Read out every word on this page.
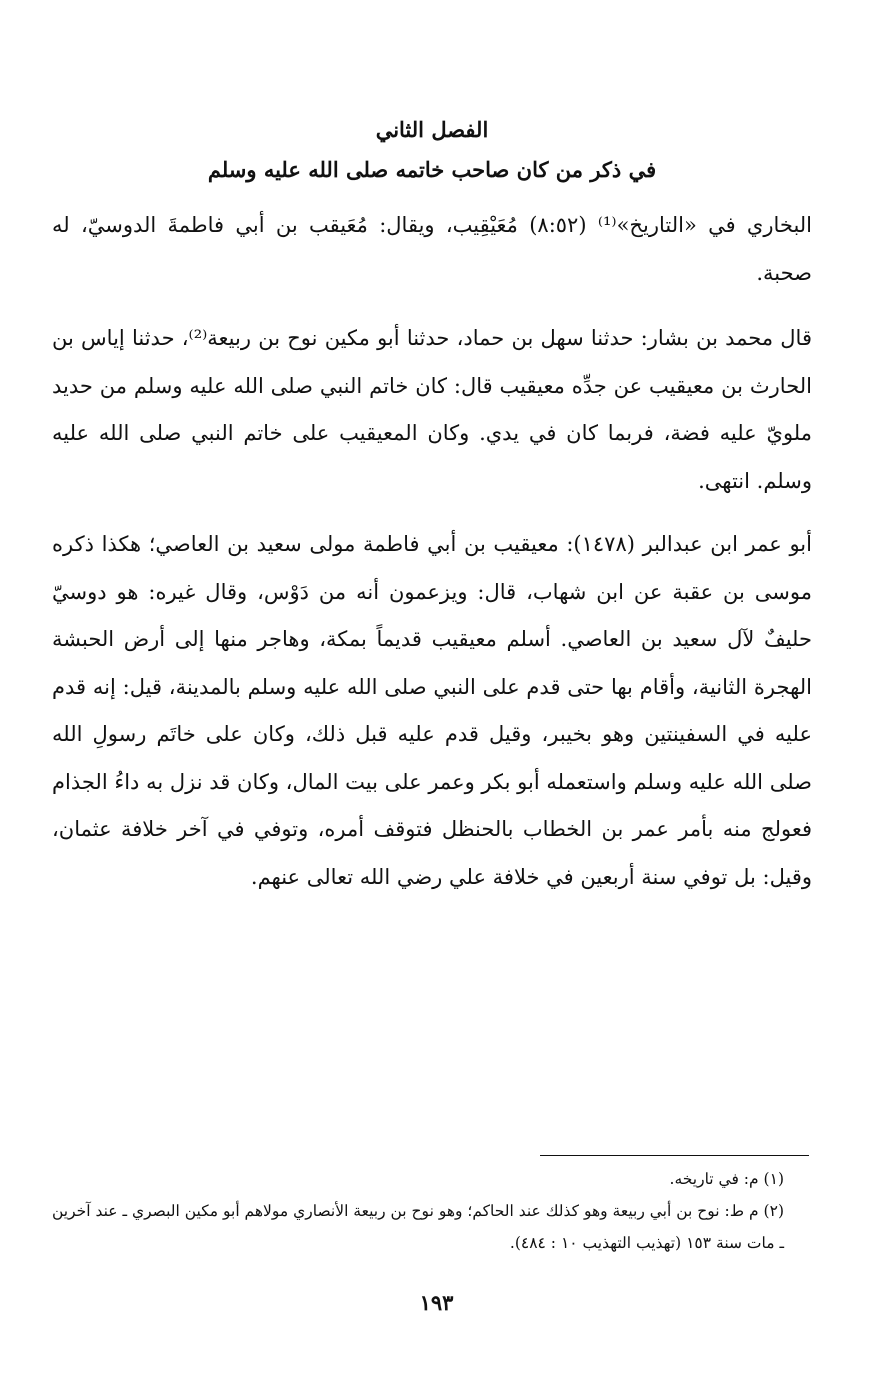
الفصل الثاني

في ذكر من كان صاحب خاتمه صلى الله عليه وسلم

البخاري في «التاريخ»⁽¹⁾ (٨:٥٢) مُعَيْقِيب، ويقال: مُعَيقب بن أبي فاطمةَ الدوسيّ، له صحبة.

قال محمد بن بشار: حدثنا سهل بن حماد، حدثنا أبو مكين نوح بن ربيعة⁽²⁾، حدثنا إياس بن الحارث بن معيقيب عن جدِّه معيقيب قال: كان خاتم النبي صلى الله عليه وسلم من حديد ملويّ عليه فضة، فربما كان في يدي. وكان المعيقيب على خاتم النبي صلى الله عليه وسلم. انتهى.

أبو عمر ابن عبدالبر (١٤٧٨): معيقيب بن أبي فاطمة مولى سعيد بن العاصي؛ هكذا ذكره موسى بن عقبة عن ابن شهاب، قال: ويزعمون أنه من دَوْس، وقال غيره: هو دوسيّ حليفٌ لآل سعيد بن العاصي. أسلم معيقيب قديماً بمكة، وهاجر منها إلى أرض الحبشة الهجرة الثانية، وأقام بها حتى قدم على النبي صلى الله عليه وسلم بالمدينة، قيل: إنه قدم عليه في السفينتين وهو بخيبر، وقيل قدم عليه قبل ذلك، وكان على خاتَم رسولِ الله صلى الله عليه وسلم واستعمله أبو بكر وعمر على بيت المال، وكان قد نزل به داءُ الجذام فعولج منه بأمر عمر بن الخطاب بالحنظل فتوقف أمره، وتوفي في آخر خلافة عثمان، وقيل: بل توفي سنة أربعين في خلافة علي رضي الله تعالى عنهم.

(١) م: في تاريخه.

(٢) م ط: نوح بن أبي ربيعة وهو كذلك عند الحاكم؛ وهو نوح بن ربيعة الأنصاري مولاهم أبو مكين البصري ـ عند آخرين ـ مات سنة ١٥٣ (تهذيب التهذيب ١٠ : ٤٨٤).

١٩٣
